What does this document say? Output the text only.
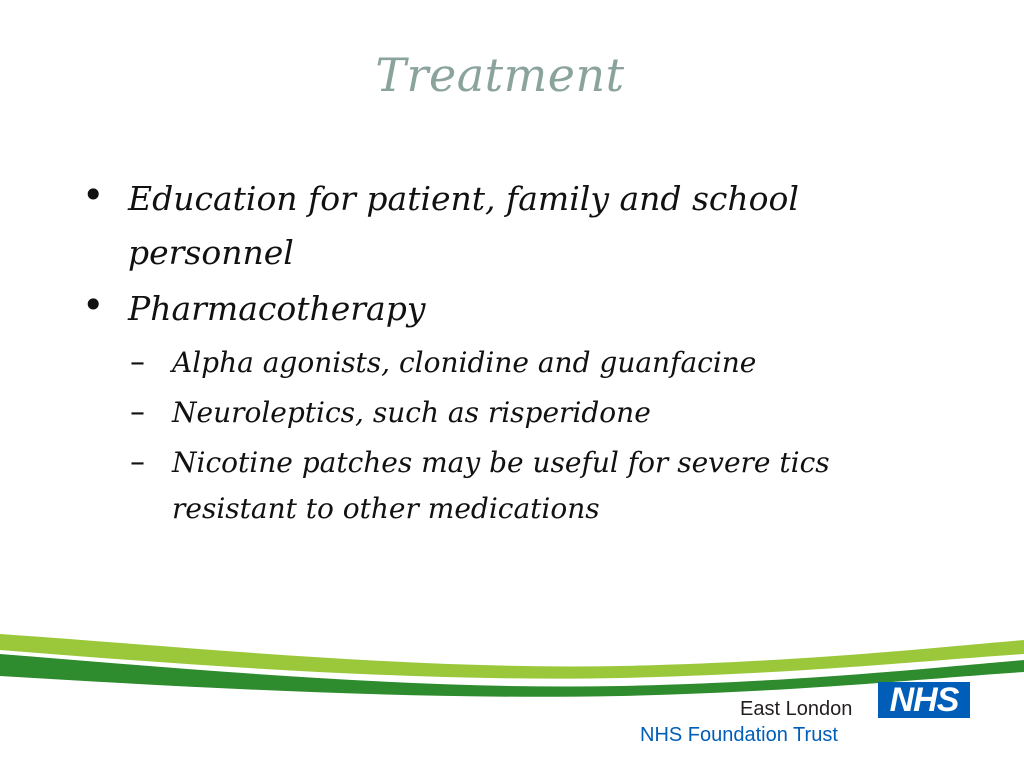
Treatment
• Education for patient, family and school personnel
• Pharmacotherapy
– Alpha agonists, clonidine and guanfacine
– Neuroleptics, such as risperidone
– Nicotine patches may be useful for severe tics resistant to other medications
East London	NHS
NHS Foundation Trust
